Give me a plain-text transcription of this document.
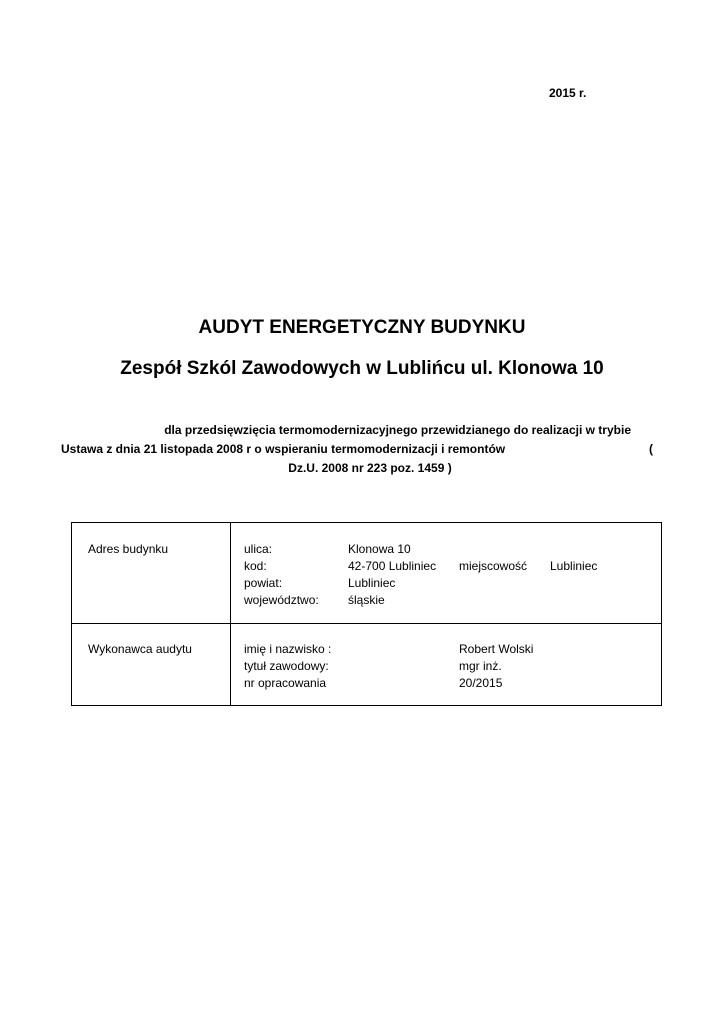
2015 r.
AUDYT ENERGETYCZNY BUDYNKU
Zespół Szkól Zawodowych w Lublińcu ul. Klonowa 10
dla przedsięwzięcia termomodernizacyjnego przewidzianego do realizacji w trybie
Ustawa z dnia 21 listopada 2008 r o wspieraniu termomodernizacji i remontów	(
Dz.U. 2008 nr 223 poz. 1459 )
Adres budynku	ulica:	Klonowa 10
kod:	42-700 Lubliniec miejscowość Lubliniec
powiat:	Lubliniec
województwo: śląskie
Wykonawca audytu	imię i nazwisko :	Robert Wolski
tytuł zawodowy:	mgr inż.
nr opracowania	20/2015
